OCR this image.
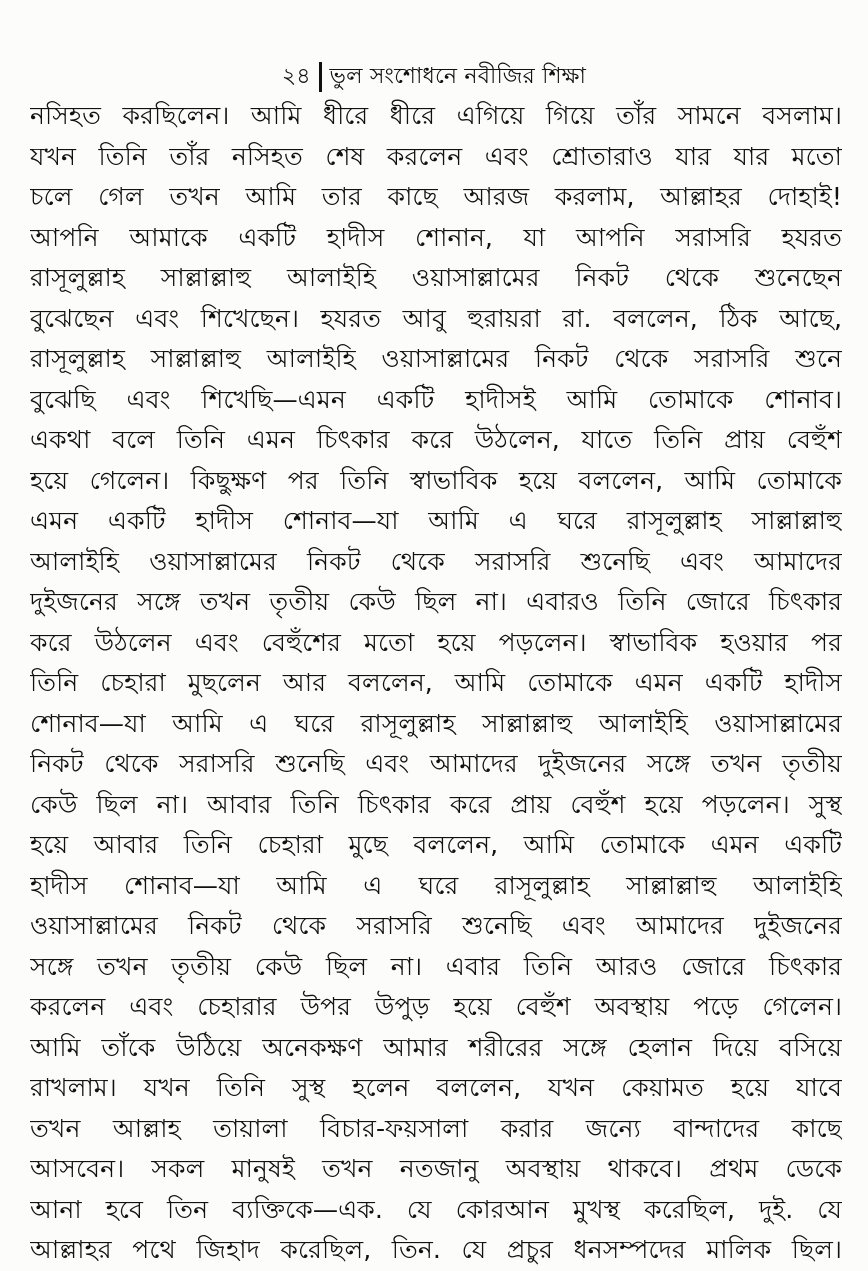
২৪ ভুল সংশোধনে নবীজির শিক্ষা
নসিহত করছিলেন। আমি ধীরে ধীরে এগিয়ে গিয়ে তাঁর সামনে বসলাম।
যখন তিনি তাঁর নসিহত শেষ করলেন এবং শ্রোতারাও যার যার মতো
চলে গেল তখন আমি তার কাছে আরজ করলাম, আল্লাহর দোহাই!
আপনি আমাকে একটি হাদীস শোনান, যা আপনি সরাসরি হযরত
রাসূলুল্লাহ সাল্লাল্লাহু আলাইহি ওয়াসাল্লামের নিকট থেকে শুনেছেন
বুঝেছেন এবং শিখেছেন। হযরত আবু হুরায়রা রা. বললেন, ঠিক আছে,
রাসূলুল্লাহ সাল্লাল্লাহু আলাইহি ওয়াসাল্লামের নিকট থেকে সরাসরি শুনে
বুঝেছি এবং শিখেছি—এমন একটি হাদীসই আমি তোমাকে শোনাব।
একথা বলে তিনি এমন চিৎকার করে উঠলেন, যাতে তিনি প্রায় বেহুঁশ
হয়ে গেলেন। কিছুক্ষণ পর তিনি স্বাভাবিক হয়ে বললেন, আমি তোমাকে
এমন একটি হাদীস শোনাব—যা আমি এ ঘরে রাসূলুল্লাহ সাল্লাল্লাহু
আলাইহি ওয়াসাল্লামের নিকট থেকে সরাসরি শুনেছি এবং আমাদের
দুইজনের সঙ্গে তখন তৃতীয় কেউ ছিল না। এবারও তিনি জোরে চিৎকার
করে উঠলেন এবং বেহুঁশের মতো হয়ে পড়লেন। স্বাভাবিক হওয়ার পর
তিনি চেহারা মুছলেন আর বললেন, আমি তোমাকে এমন একটি হাদীস
শোনাব—যা আমি এ ঘরে রাসূলুল্লাহ সাল্লাল্লাহু আলাইহি ওয়াসাল্লামের
নিকট থেকে সরাসরি শুনেছি এবং আমাদের দুইজনের সঙ্গে তখন তৃতীয়
কেউ ছিল না। আবার তিনি চিৎকার করে প্রায় বেহুঁশ হয়ে পড়লেন। সুস্থ
হয়ে আবার তিনি চেহারা মুছে বললেন, আমি তোমাকে এমন একটি
হাদীস শোনাব—যা আমি এ ঘরে রাসূলুল্লাহ সাল্লাল্লাহু আলাইহি
ওয়াসাল্লামের নিকট থেকে সরাসরি শুনেছি এবং আমাদের দুইজনের
সঙ্গে তখন তৃতীয় কেউ ছিল না। এবার তিনি আরও জোরে চিৎকার
করলেন এবং চেহারার উপর উপুড় হয়ে বেহুঁশ অবস্থায় পড়ে গেলেন।
আমি তাঁকে উঠিয়ে অনেকক্ষণ আমার শরীরের সঙ্গে হেলান দিয়ে বসিয়ে
রাখলাম। যখন তিনি সুস্থ হলেন বললেন, যখন কেয়ামত হয়ে যাবে
তখন আল্লাহ তায়ালা বিচার-ফয়সালা করার জন্যে বান্দাদের কাছে
আসবেন। সকল মানুষই তখন নতজানু অবস্থায় থাকবে। প্রথম ডেকে
আনা হবে তিন ব্যক্তিকে—এক. যে কোরআন মুখস্থ করেছিল, দুই. যে
আল্লাহর পথে জিহাদ করেছিল, তিন. যে প্রচুর ধনসম্পদের মালিক ছিল।
